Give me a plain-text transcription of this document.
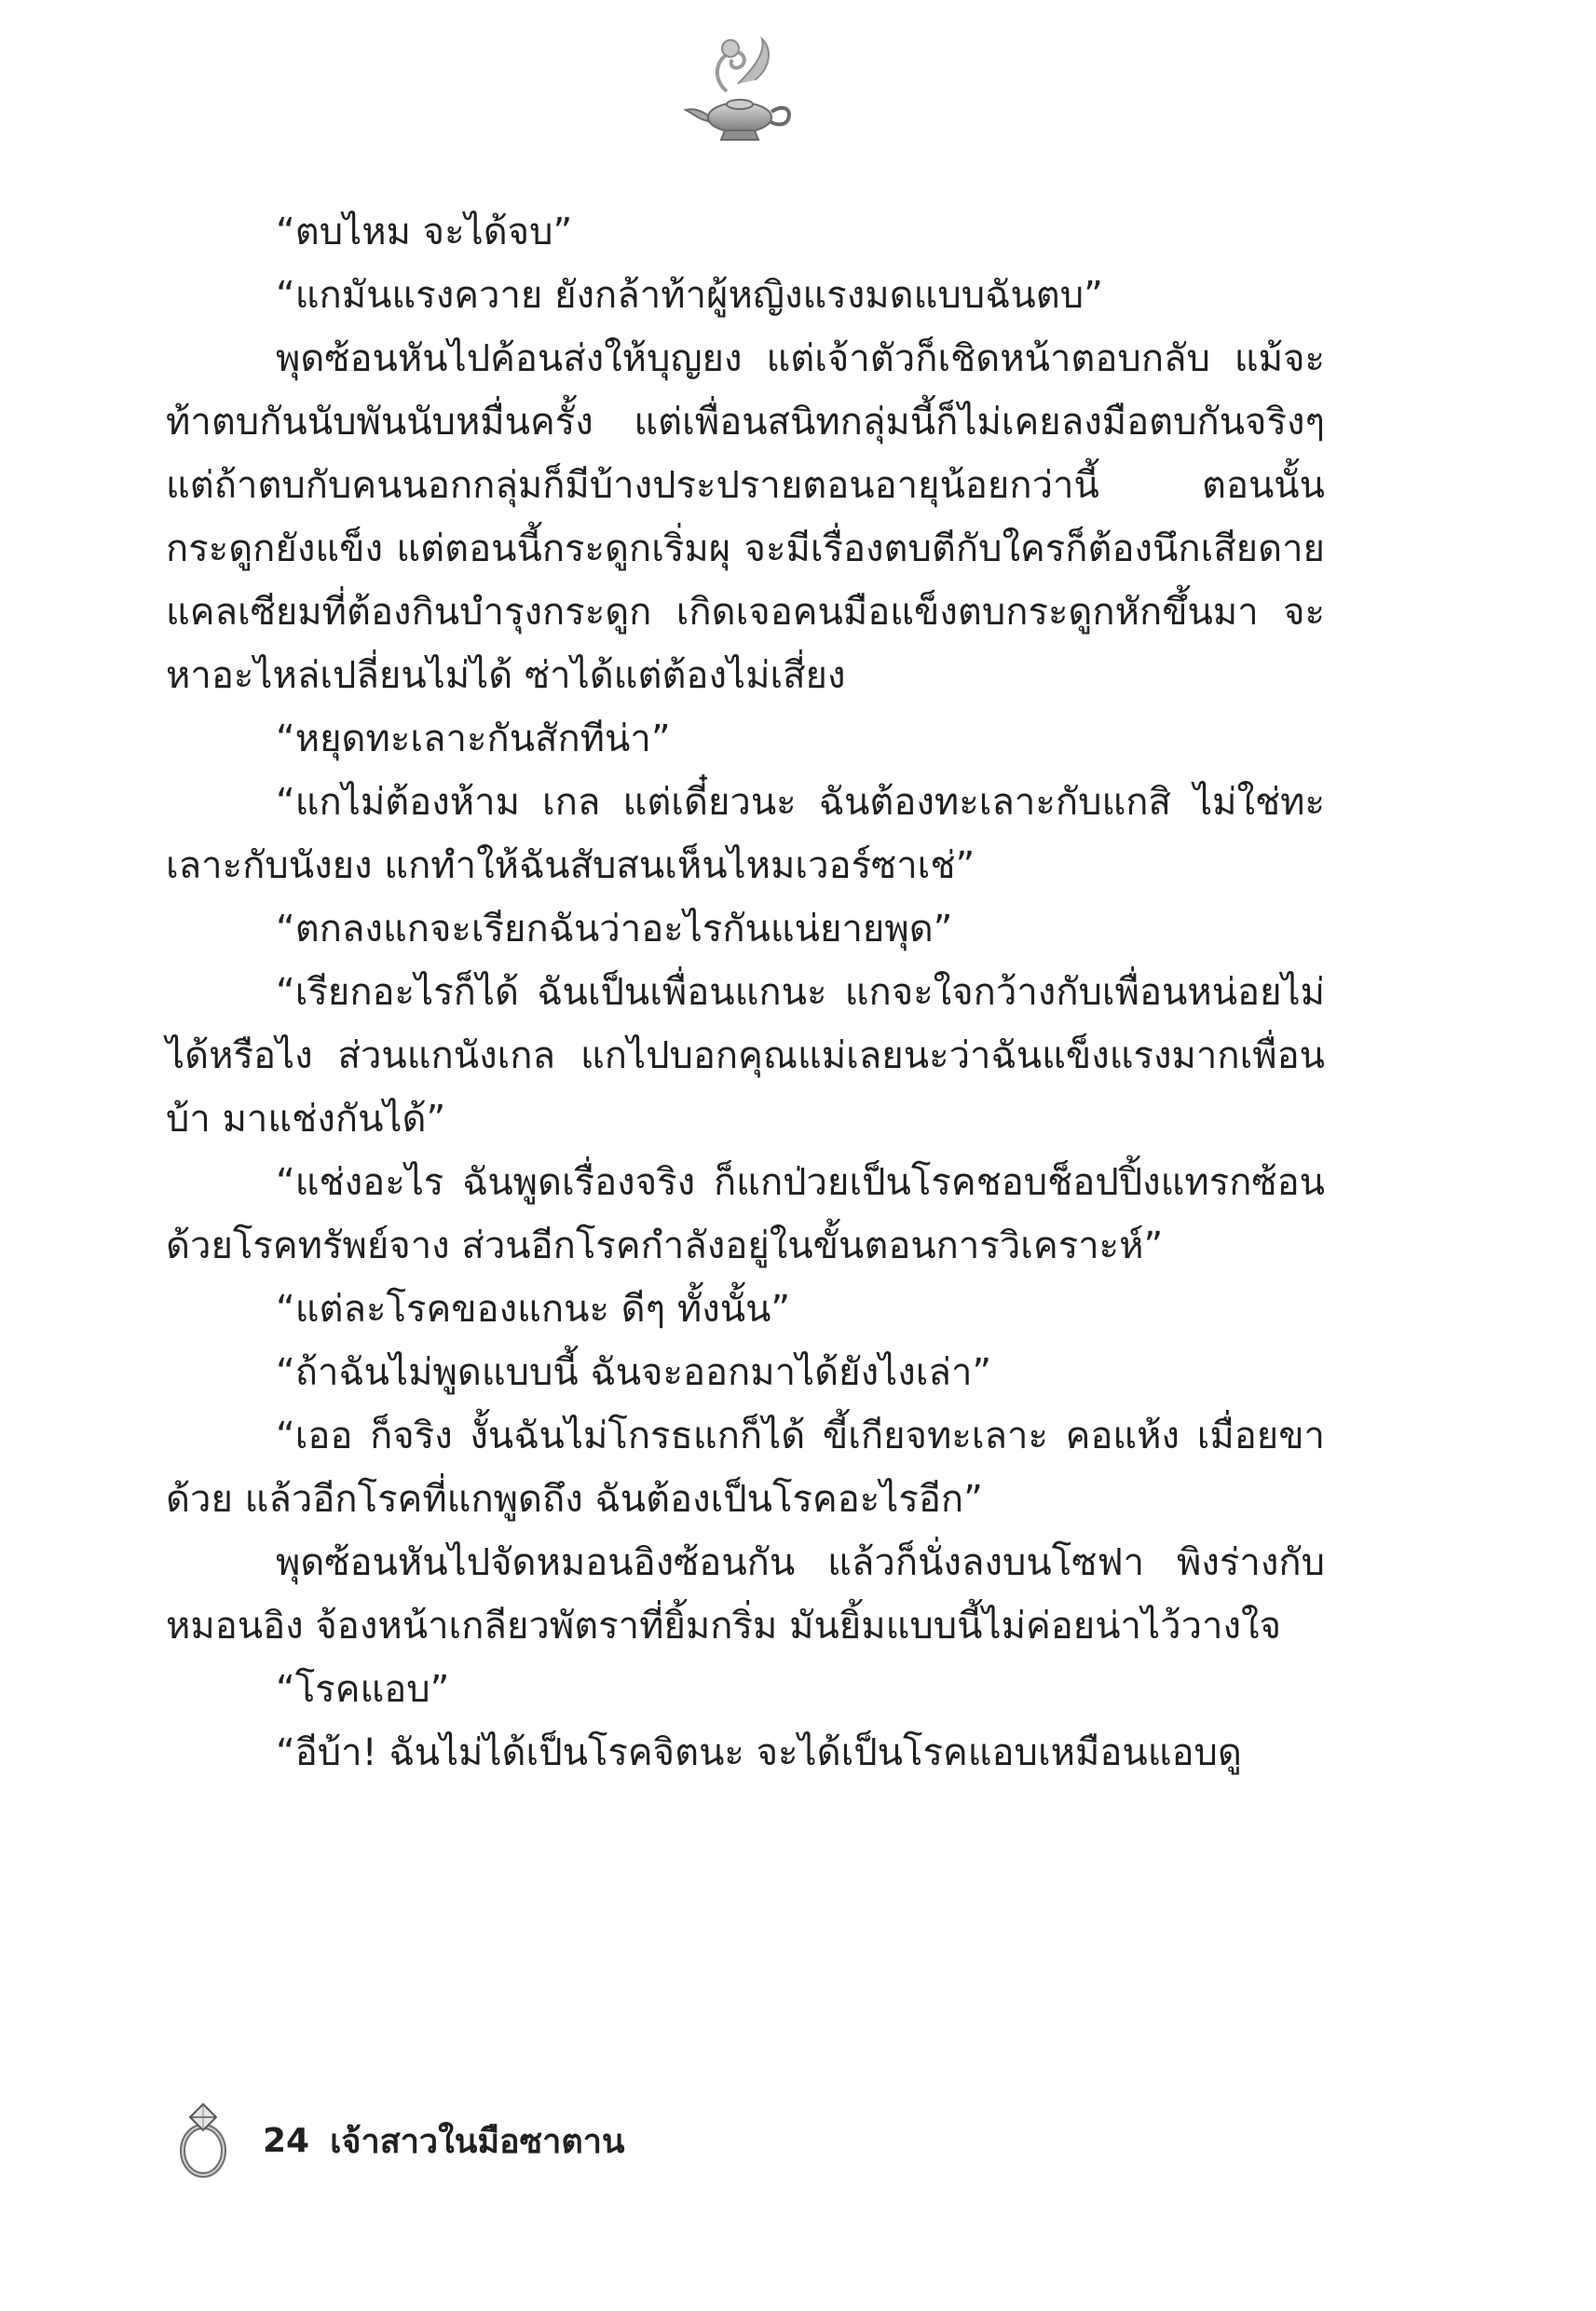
“ตบไหม จะได้จบ”

“แกมันแรงควาย ยังกล้าท้าผู้หญิงแรงมดแบบฉันตบ”

พุดซ้อนหันไปค้อนส่งให้บุญยง แต่เจ้าตัวก็เชิดหน้าตอบกลับ แม้จะท้าตบกันนับพันนับหมื่นครั้ง แต่เพื่อนสนิทกลุ่มนี้ก็ไม่เคยลงมือตบกันจริงๆ แต่ถ้าตบกับคนนอกกลุ่มก็มีบ้างประปรายตอนอายุน้อยกว่านี้ ตอนนั้นกระดูกยังแข็ง แต่ตอนนี้กระดูกเริ่มผุ จะมีเรื่องตบตีกับใครก็ต้องนึกเสียดายแคลเซียมที่ต้องกินบำรุงกระดูก เกิดเจอคนมือแข็งตบกระดูกหักขึ้นมา จะหาอะไหล่เปลี่ยนไม่ได้ ซ่าได้แต่ต้องไม่เสี่ยง

“หยุดทะเลาะกันสักทีน่า”

“แกไม่ต้องห้าม เกล แต่เดี๋ยวนะ ฉันต้องทะเลาะกับแกสิ ไม่ใช่ทะเลาะกับนังยง แกทำให้ฉันสับสนเห็นไหมเวอร์ซาเช่”

“ตกลงแกจะเรียกฉันว่าอะไรกันแน่ยายพุด”

“เรียกอะไรก็ได้ ฉันเป็นเพื่อนแกนะ แกจะใจกว้างกับเพื่อนหน่อยไม่ได้หรือไง ส่วนแกนังเกล แกไปบอกคุณแม่เลยนะว่าฉันแข็งแรงมากเพื่อนบ้า มาแช่งกันได้”

“แช่งอะไร ฉันพูดเรื่องจริง ก็แกป่วยเป็นโรคชอบช็อปปิ้งแทรกซ้อนด้วยโรคทรัพย์จาง ส่วนอีกโรคกำลังอยู่ในขั้นตอนการวิเคราะห์”

“แต่ละโรคของแกนะ ดีๆ ทั้งนั้น”

“ถ้าฉันไม่พูดแบบนี้ ฉันจะออกมาได้ยังไงเล่า”

“เออ ก็จริง งั้นฉันไม่โกรธแกก็ได้ ขี้เกียจทะเลาะ คอแห้ง เมื่อยขาด้วย แล้วอีกโรคที่แกพูดถึง ฉันต้องเป็นโรคอะไรอีก”

พุดซ้อนหันไปจัดหมอนอิงซ้อนกัน แล้วก็นั่งลงบนโซฟา พิงร่างกับหมอนอิง จ้องหน้าเกลียวพัตราที่ยิ้มกริ่ม มันยิ้มแบบนี้ไม่ค่อยน่าไว้วางใจ

“โรคแอบ”

“อีบ้า! ฉันไม่ได้เป็นโรคจิตนะ จะได้เป็นโรคแอบเหมือนแอบดู

24 เจ้าสาวในมือซาตาน
